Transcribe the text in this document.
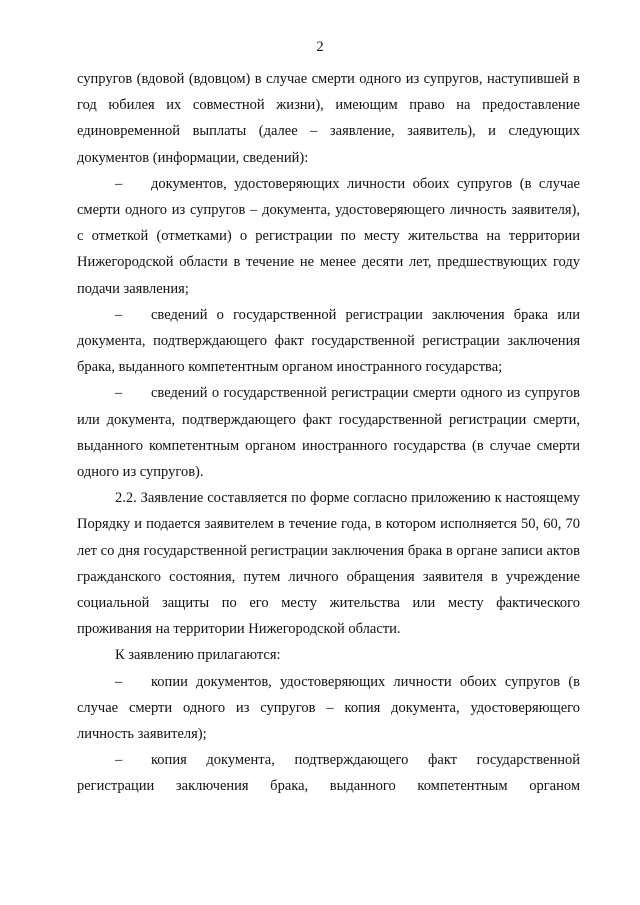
2

супругов (вдовой (вдовцом) в случае смерти одного из супругов, наступившей в год юбилея их совместной жизни), имеющим право на предоставление единовременной выплаты (далее – заявление, заявитель), и следующих документов (информации, сведений):

– документов, удостоверяющих личности обоих супругов (в случае смерти одного из супругов – документа, удостоверяющего личность заявителя), с отметкой (отметками) о регистрации по месту жительства на территории Нижегородской области в течение не менее десяти лет, предшествующих году подачи заявления;

– сведений о государственной регистрации заключения брака или документа, подтверждающего факт государственной регистрации заключения брака, выданного компетентным органом иностранного государства;

– сведений о государственной регистрации смерти одного из супругов или документа, подтверждающего факт государственной регистрации смерти, выданного компетентным органом иностранного государства (в случае смерти одного из супругов).

2.2. Заявление составляется по форме согласно приложению к настоящему Порядку и подается заявителем в течение года, в котором исполняется 50, 60, 70 лет со дня государственной регистрации заключения брака в органе записи актов гражданского состояния, путем личного обращения заявителя в учреждение социальной защиты по его месту жительства или месту фактического проживания на территории Нижегородской области.

К заявлению прилагаются:

– копии документов, удостоверяющих личности обоих супругов (в случае смерти одного из супругов – копия документа, удостоверяющего личность заявителя);

– копия документа, подтверждающего факт государственной регистрации заключения брака, выданного компетентным органом
